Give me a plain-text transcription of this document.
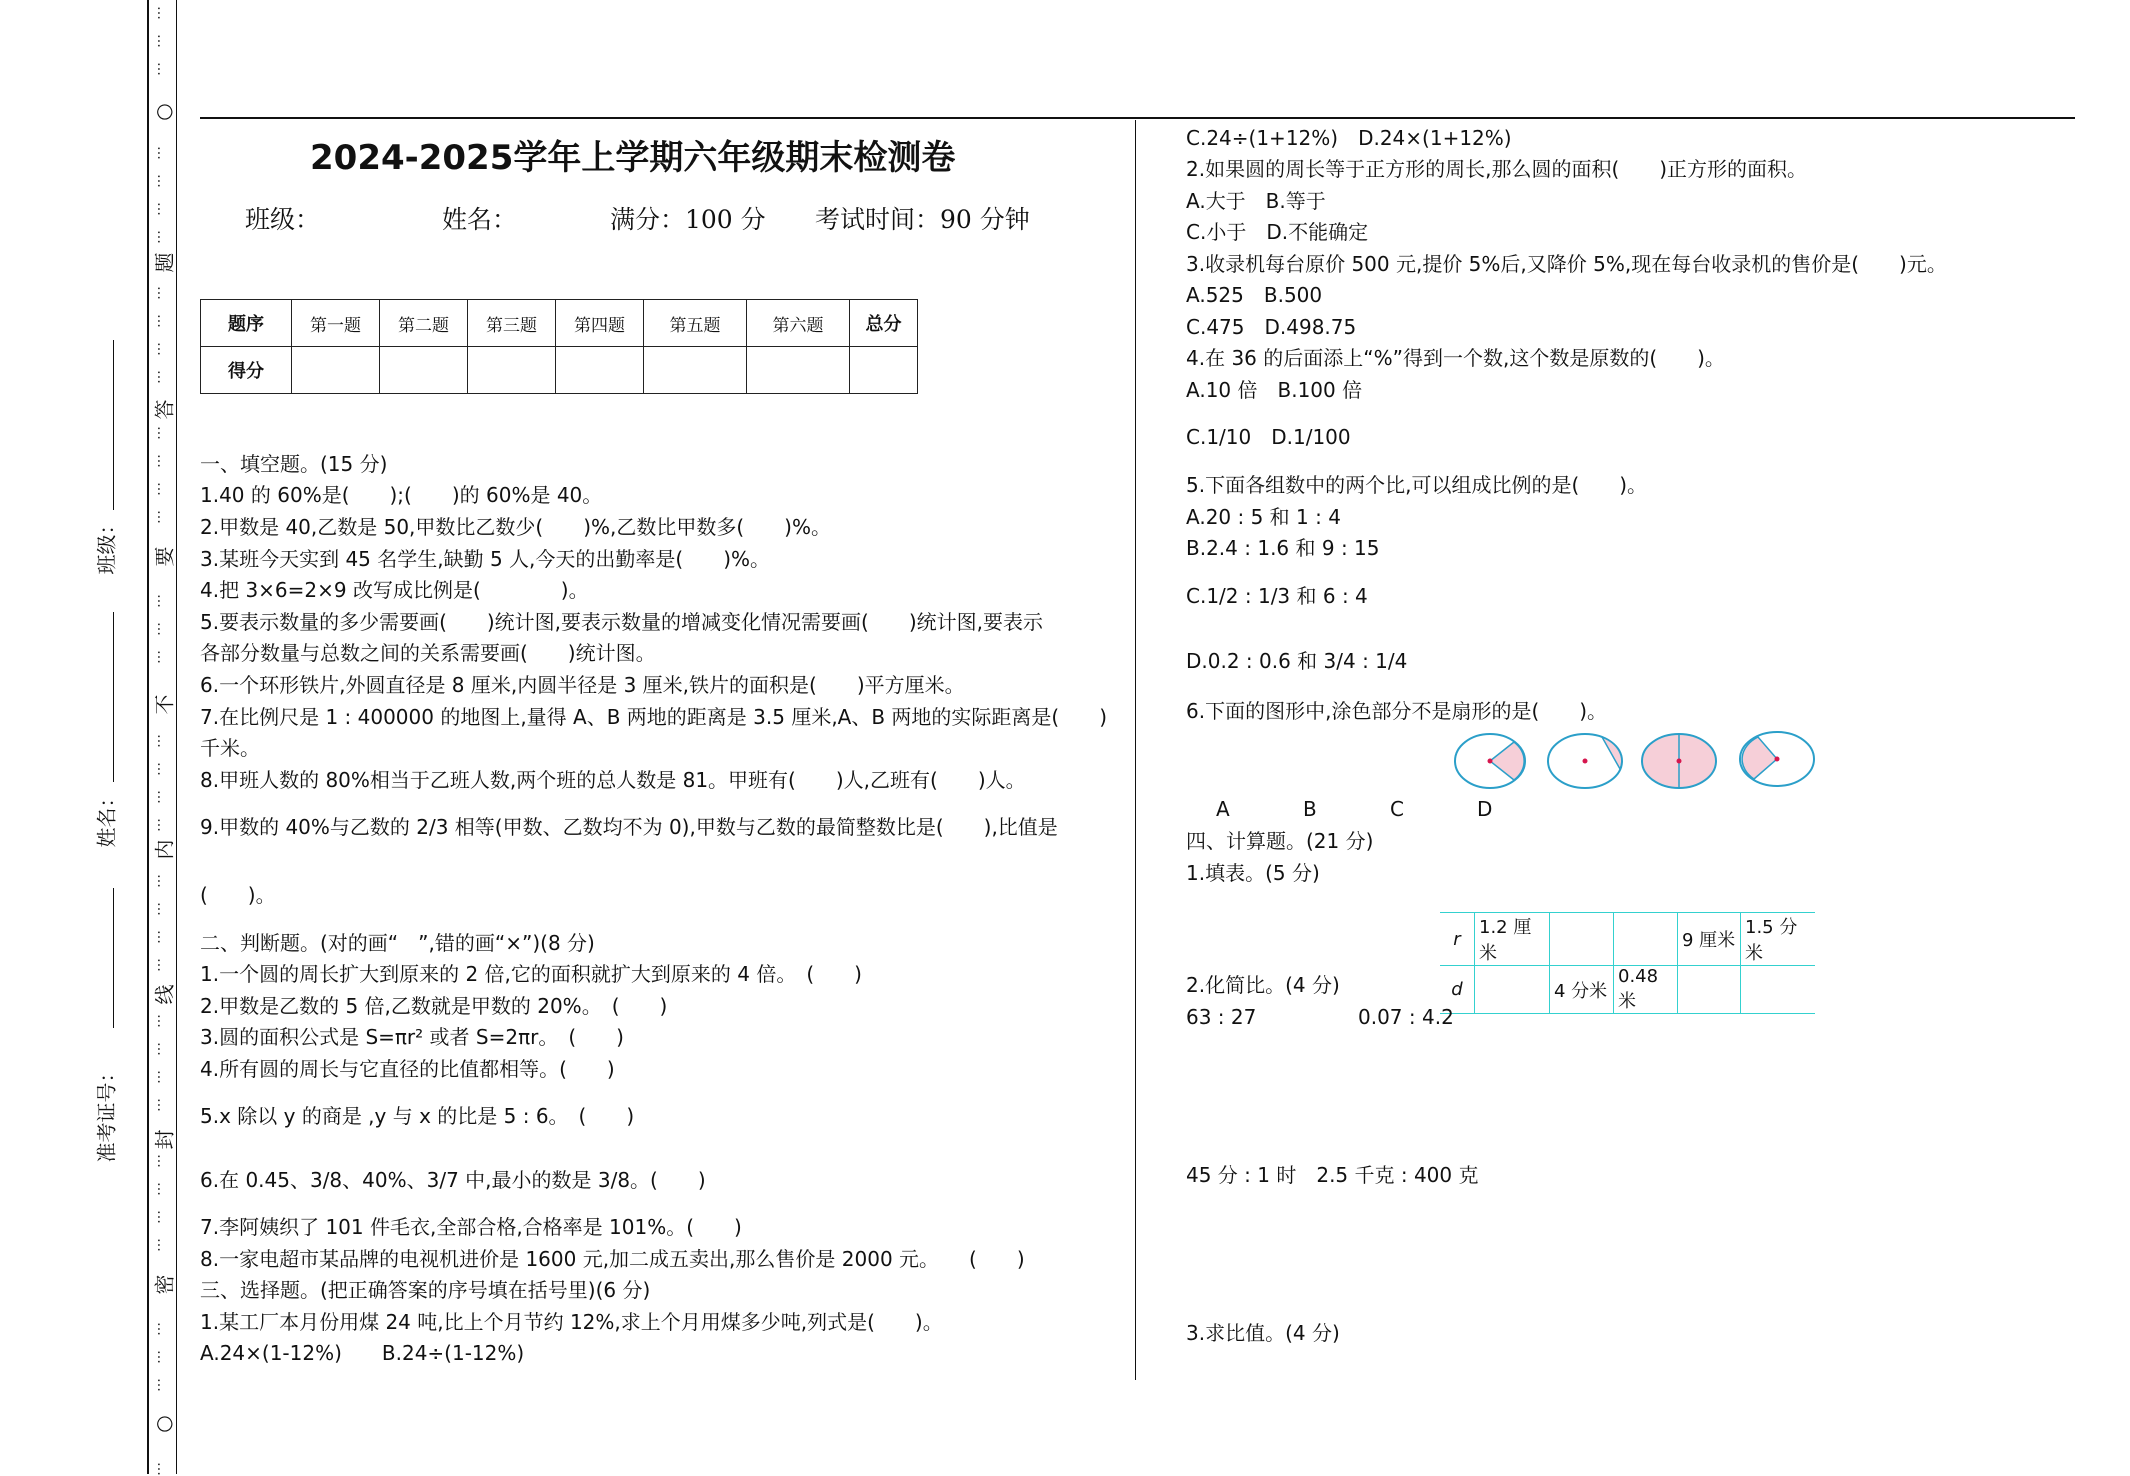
○
题
答
要
不
内
线
封
密
○
…
…
…
…
…
…
…
…
…
…
…
…
…
…
…
…
…
…
…
…
…
…
…
…
…
…
…
…
…
…
…
…
…
…
…
…
…
…
班级：
姓名：
准考证号：
2024-2025学年上学期六年级期末检测卷
班级：	姓名：	满分：100 分 考试时间：90 分钟
题序	第一题	第二题	第三题	第四题	第五题	第六题	总分
得分							
一、填空题。(15 分)
1.40 的 60%是(　　);(　　)的 60%是 40。
2.甲数是 40,乙数是 50,甲数比乙数少(　　)%,乙数比甲数多(　　)%。
3.某班今天实到 45 名学生,缺勤 5 人,今天的出勤率是(　　)%。
4.把 3×6=2×9 改写成比例是(　　　　)。
5.要表示数量的多少需要画(　　)统计图,要表示数量的增减变化情况需要画(　　)统计图,要表示
各部分数量与总数之间的关系需要画(　　)统计图。
6.一个环形铁片,外圆直径是 8 厘米,内圆半径是 3 厘米,铁片的面积是(　　)平方厘米。
7.在比例尺是 1 : 400000 的地图上,量得 A、B 两地的距离是 3.5 厘米,A、B 两地的实际距离是(　　)
千米。
8.甲班人数的 80%相当于乙班人数,两个班的总人数是 81。甲班有(　　)人,乙班有(　　)人。
9.甲数的 40%与乙数的 2/3 相等(甲数、乙数均不为 0),甲数与乙数的最简整数比是(　　),比值是
(　　)。
二、判断题。(对的画“　”,错的画“×”)(8 分)
1.一个圆的周长扩大到原来的 2 倍,它的面积就扩大到原来的 4 倍。　(　　)
2.甲数是乙数的 5 倍,乙数就是甲数的 20%。　(　　)
3.圆的面积公式是 S=πr² 或者 S=2πr。　(　　)
4.所有圆的周长与它直径的比值都相等。(　　)
5.x 除以 y 的商是 ,y 与 x 的比是 5 : 6。　(　　)
6.在 0.45、3/8、40%、3/7 中,最小的数是 3/8。(　　)
7.李阿姨织了 101 件毛衣,全部合格,合格率是 101%。(　　)
8.一家电超市某品牌的电视机进价是 1600 元,加二成五卖出,那么售价是 2000 元。　　(　　)
三、选择题。(把正确答案的序号填在括号里)(6 分)
1.某工厂本月份用煤 24 吨,比上个月节约 12%,求上个月用煤多少吨,列式是(　　)。
A.24×(1-12%)　　B.24÷(1-12%)
C.24÷(1+12%)　D.24×(1+12%)
2.如果圆的周长等于正方形的周长,那么圆的面积(　　)正方形的面积。
A.大于　B.等于
C.小于　D.不能确定
3.收录机每台原价 500 元,提价 5%后,又降价 5%,现在每台收录机的售价是(　　)元。
A.525　B.500
C.475　D.498.75
4.在 36 的后面添上“%”得到一个数,这个数是原数的(　　)。
A.10 倍　B.100 倍
C.1/10　D.1/100
5.下面各组数中的两个比,可以组成比例的是(　　)。
A.20 : 5 和 1 : 4
B.2.4 : 1.6 和 9 : 15
C.1/2 : 1/3 和 6 : 4
D.0.2 : 0.6 和 3/4 : 1/4
6.下面的图形中,涂色部分不是扇形的是(　　)。
A	B	C	D
四、计算题。(21 分)
1.填表。(5 分)
r	1.2 厘米			9 厘米	1.5 分米
d		4 分米	0.48 米		
2.化简比。(4 分)
63 : 27	0.07 : 4.2
45 分 : 1 时　2.5 千克 : 400 克
3.求比值。(4 分)
